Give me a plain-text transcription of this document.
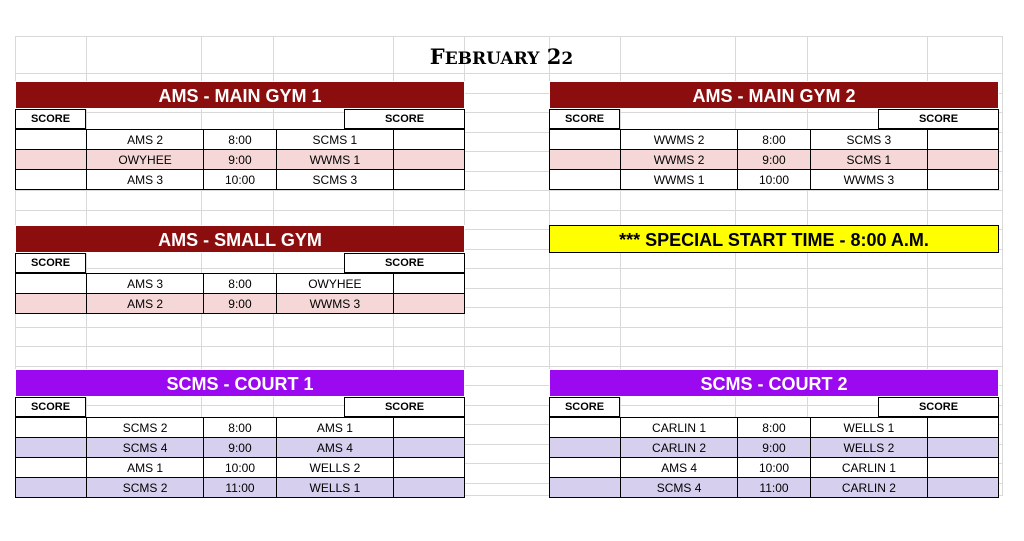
FEBRUARY 22
AMS - MAIN GYM 1
SCORE	SCORE
	AMS 2	8:00	SCMS 1	
	OWYHEE	9:00	WWMS 1	
	AMS 3	10:00	SCMS 3	
AMS - MAIN GYM 2
SCORE	SCORE
	WWMS 2	8:00	SCMS 3	
	WWMS 2	9:00	SCMS 1	
	WWMS 1	10:00	WWMS 3	
AMS - SMALL GYM
SCORE	SCORE
	AMS 3	8:00	OWYHEE	
	AMS 2	9:00	WWMS 3	
*** SPECIAL START TIME - 8:00 A.M.
SCMS - COURT 1
SCORE	SCORE
	SCMS 2	8:00	AMS 1	
	SCMS 4	9:00	AMS 4	
	AMS 1	10:00	WELLS 2	
	SCMS 2	11:00	WELLS 1	
SCMS - COURT 2
SCORE	SCORE
	CARLIN 1	8:00	WELLS 1	
	CARLIN 2	9:00	WELLS 2	
	AMS 4	10:00	CARLIN 1	
	SCMS 4	11:00	CARLIN 2	
